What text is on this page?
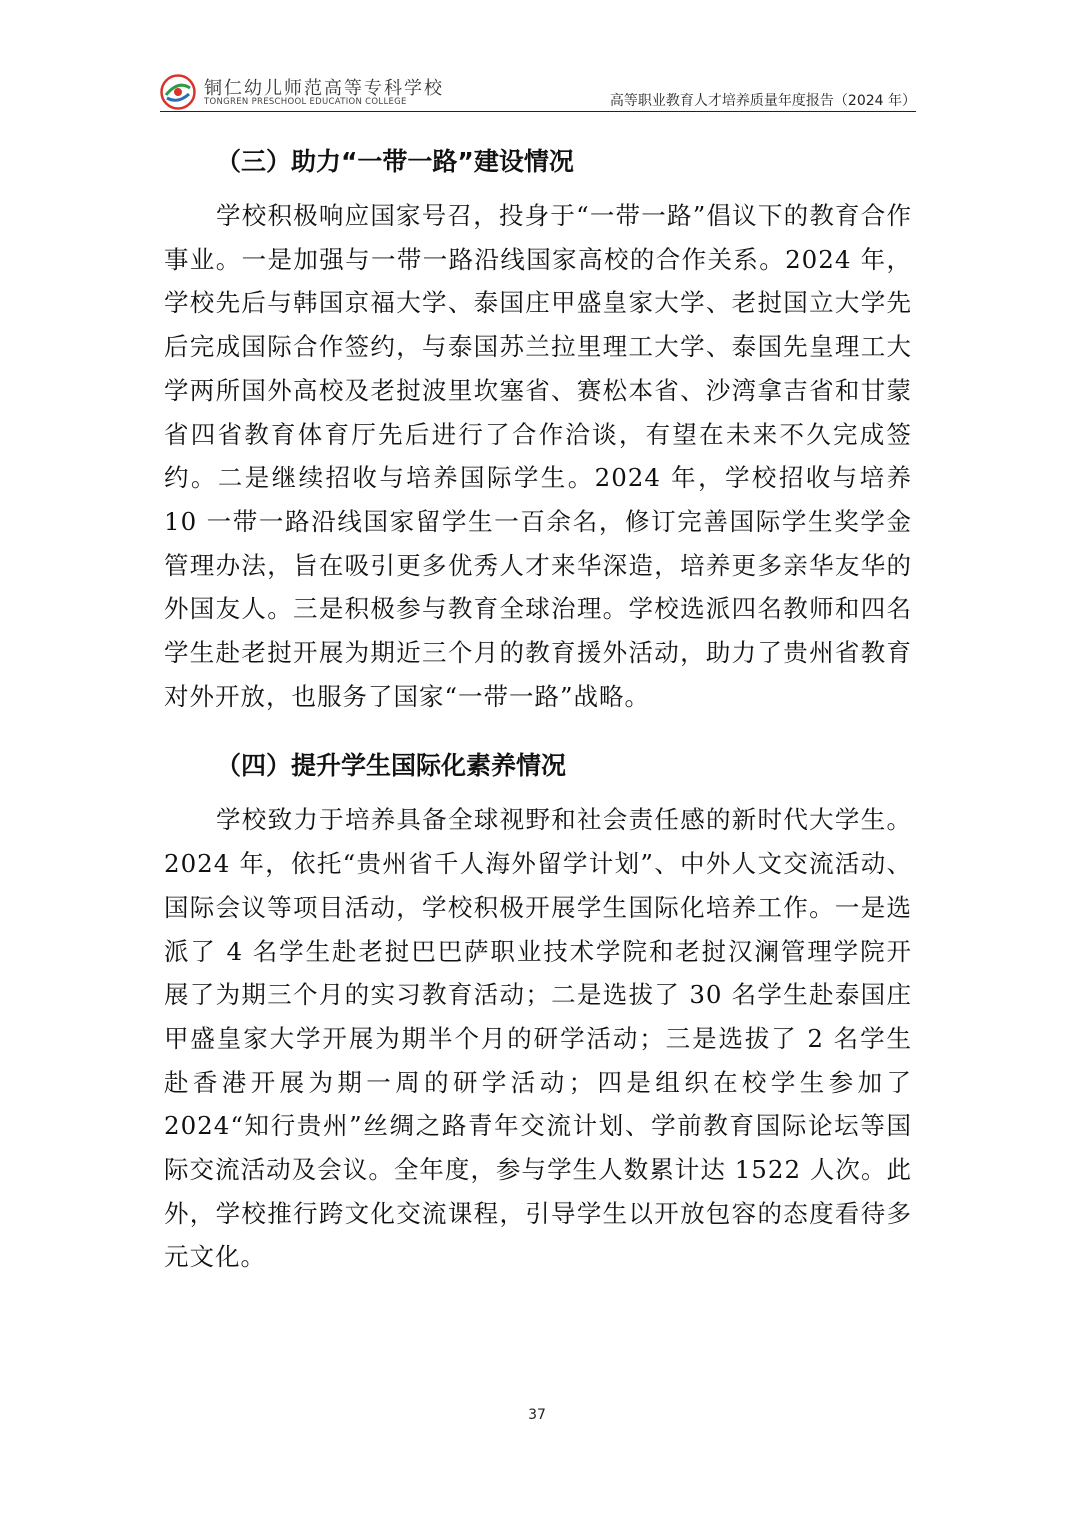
铜仁幼儿师范高等专科学校
TONGREN PRESCHOOL EDUCATION COLLEGE	高等职业教育人才培养质量年度报告（2024 年）
（三）助力“一带一路”建设情况

学校积极响应国家号召，投身于“一带一路”倡议下的教育合作事业。一是加强与一带一路沿线国家高校的合作关系。2024 年，学校先后与韩国京福大学、泰国庄甲盛皇家大学、老挝国立大学先后完成国际合作签约，与泰国苏兰拉里理工大学、泰国先皇理工大学两所国外高校及老挝波里坎塞省、赛松本省、沙湾拿吉省和甘蒙省四省教育体育厅先后进行了合作洽谈，有望在未来不久完成签约。二是继续招收与培养国际学生。2024 年，学校招收与培养 10 一带一路沿线国家留学生一百余名，修订完善国际学生奖学金管理办法，旨在吸引更多优秀人才来华深造，培养更多亲华友华的外国友人。三是积极参与教育全球治理。学校选派四名教师和四名学生赴老挝开展为期近三个月的教育援外活动，助力了贵州省教育对外开放，也服务了国家“一带一路”战略。

（四）提升学生国际化素养情况

学校致力于培养具备全球视野和社会责任感的新时代大学生。2024 年，依托“贵州省千人海外留学计划”、中外人文交流活动、国际会议等项目活动，学校积极开展学生国际化培养工作。一是选派了 4 名学生赴老挝巴巴萨职业技术学院和老挝汉澜管理学院开展了为期三个月的实习教育活动；二是选拔了 30 名学生赴泰国庄甲盛皇家大学开展为期半个月的研学活动；三是选拔了 2 名学生赴香港开展为期一周的研学活动；四是组织在校学生参加了 2024“知行贵州”丝绸之路青年交流计划、学前教育国际论坛等国际交流活动及会议。全年度，参与学生人数累计达 1522 人次。此外，学校推行跨文化交流课程，引导学生以开放包容的态度看待多元文化。

37
